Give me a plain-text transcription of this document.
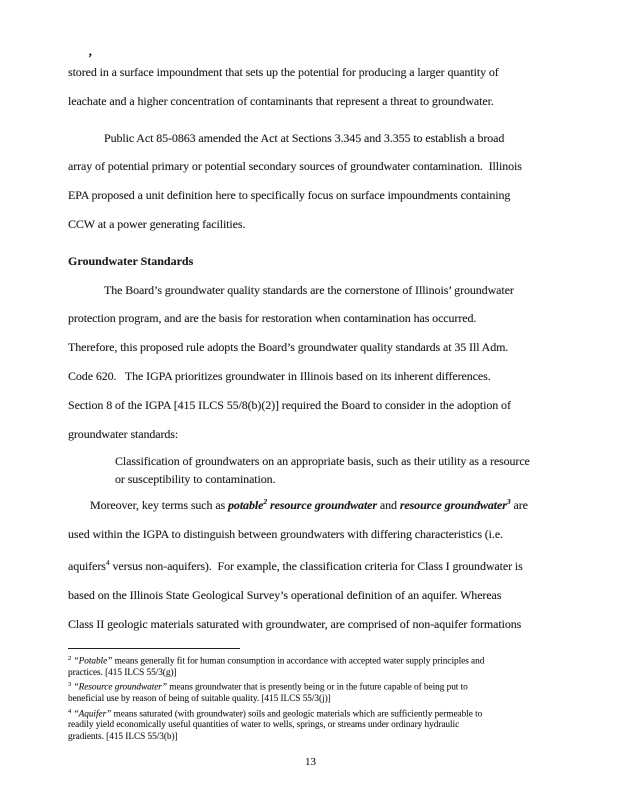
’
stored in a surface impoundment that sets up the potential for producing a larger quantity of
leachate and a higher concentration of contaminants that represent a threat to groundwater.
Public Act 85-0863 amended the Act at Sections 3.345 and 3.355 to establish a broad
array of potential primary or potential secondary sources of groundwater contamination.  Illinois
EPA proposed a unit definition here to specifically focus on surface impoundments containing
CCW at a power generating facilities.
Groundwater Standards
The Board’s groundwater quality standards are the cornerstone of Illinois’ groundwater
protection program, and are the basis for restoration when contamination has occurred.
Therefore, this proposed rule adopts the Board’s groundwater quality standards at 35 Ill Adm.
Code 620.   The IGPA prioritizes groundwater in Illinois based on its inherent differences.
Section 8 of the IGPA [415 ILCS 55/8(b)(2)] required the Board to consider in the adoption of
groundwater standards:
Classification of groundwaters on an appropriate basis, such as their utility as a resource
or susceptibility to contamination.
Moreover, key terms such as potable$^2$ resource groundwater and resource groundwater$^3$ are
used within the IGPA to distinguish between groundwaters with differing characteristics (i.e.
aquifers$^4$ versus non-aquifers).  For example, the classification criteria for Class I groundwater is
based on the Illinois State Geological Survey’s operational definition of an aquifer. Whereas
Class II geologic materials saturated with groundwater, are comprised of non-aquifer formations
$^2$ “Potable” means generally fit for human consumption in accordance with accepted water supply principles and
practices. [415 ILCS 55/3(g)]
$^3$ “Resource groundwater” means groundwater that is presently being or in the future capable of being put to
beneficial use by reason of being of suitable quality. [415 ILCS 55/3(j)]
$^4$ “Aquifer” means saturated (with groundwater) soils and geologic materials which are sufficiently permeable to
readily yield economically useful quantities of water to wells, springs, or streams under ordinary hydraulic
gradients. [415 ILCS 55/3(b)]
13
